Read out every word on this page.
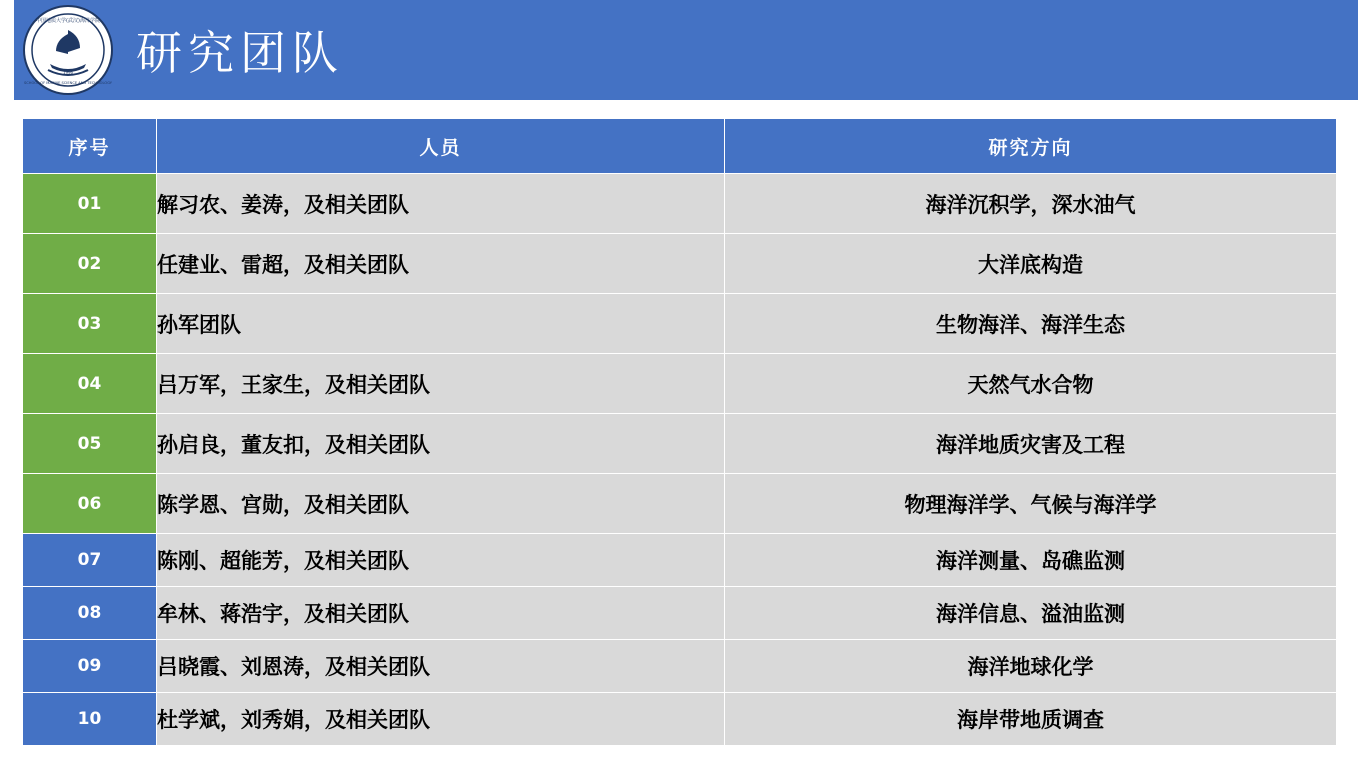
中国地质大学(武汉)海洋学院
SCHOOL OF MARINE SCIENCE AND TECHNOLOGY
1996 研究团队
序号	人员	研究方向
01	解习农、姜涛，及相关团队	海洋沉积学，深水油气
02	任建业、雷超，及相关团队	大洋底构造
03	孙军团队	生物海洋、海洋生态
04	吕万军，王家生，及相关团队	天然气水合物
05	孙启良，董友扣，及相关团队	海洋地质灾害及工程
06	陈学恩、宫勋，及相关团队	物理海洋学、气候与海洋学
07	陈刚、超能芳，及相关团队	海洋测量、岛礁监测
08	牟林、蒋浩宇，及相关团队	海洋信息、溢油监测
09	吕晓霞、刘恩涛，及相关团队	海洋地球化学
10	杜学斌，刘秀娟，及相关团队	海岸带地质调查
